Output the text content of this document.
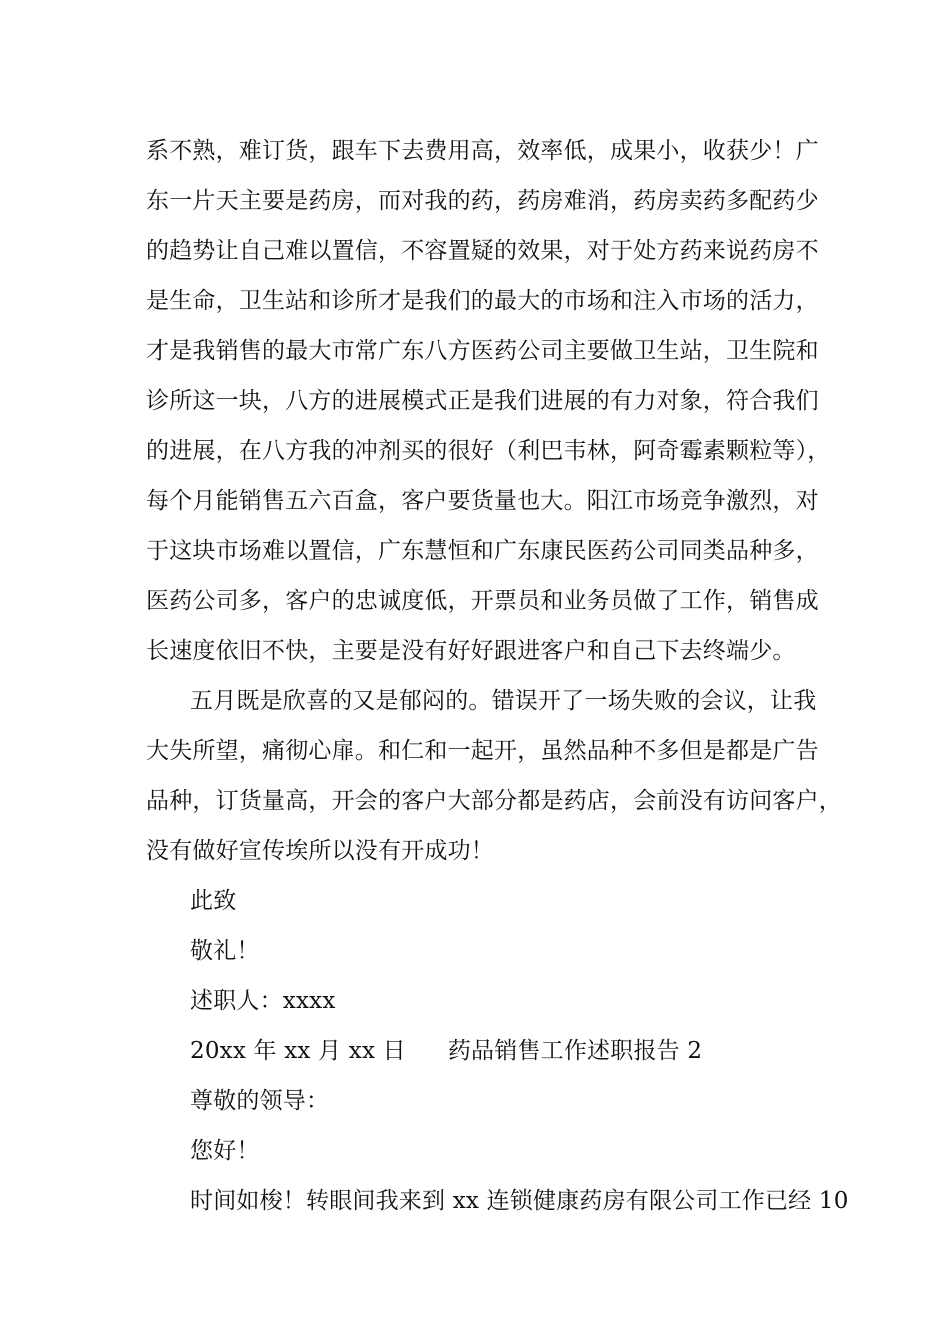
系不熟，难订货，跟车下去费用高，效率低，成果小，收获少！广
东一片天主要是药房，而对我的药，药房难消，药房卖药多配药少
的趋势让自己难以置信，不容置疑的效果，对于处方药来说药房不
是生命，卫生站和诊所才是我们的最大的市场和注入市场的活力，
才是我销售的最大市常广东八方医药公司主要做卫生站，卫生院和
诊所这一块，八方的进展模式正是我们进展的有力对象，符合我们
的进展，在八方我的冲剂买的很好（利巴韦林，阿奇霉素颗粒等），
每个月能销售五六百盒，客户要货量也大。阳江市场竞争激烈，对
于这块市场难以置信，广东慧恒和广东康民医药公司同类品种多，
医药公司多，客户的忠诚度低，开票员和业务员做了工作，销售成
长速度依旧不快，主要是没有好好跟进客户和自己下去终端少。
五月既是欣喜的又是郁闷的。错误开了一场失败的会议，让我
大失所望，痛彻心扉。和仁和一起开，虽然品种不多但是都是广告
品种，订货量高，开会的客户大部分都是药店，会前没有访问客户，
没有做好宣传埃所以没有开成功！
此致
敬礼！
述职人：xxxx
20xx 年 xx 月 xx 日 药品销售工作述职报告 2
尊敬的领导：
您好！
时间如梭！转眼间我来到 xx 连锁健康药房有限公司工作已经 10
